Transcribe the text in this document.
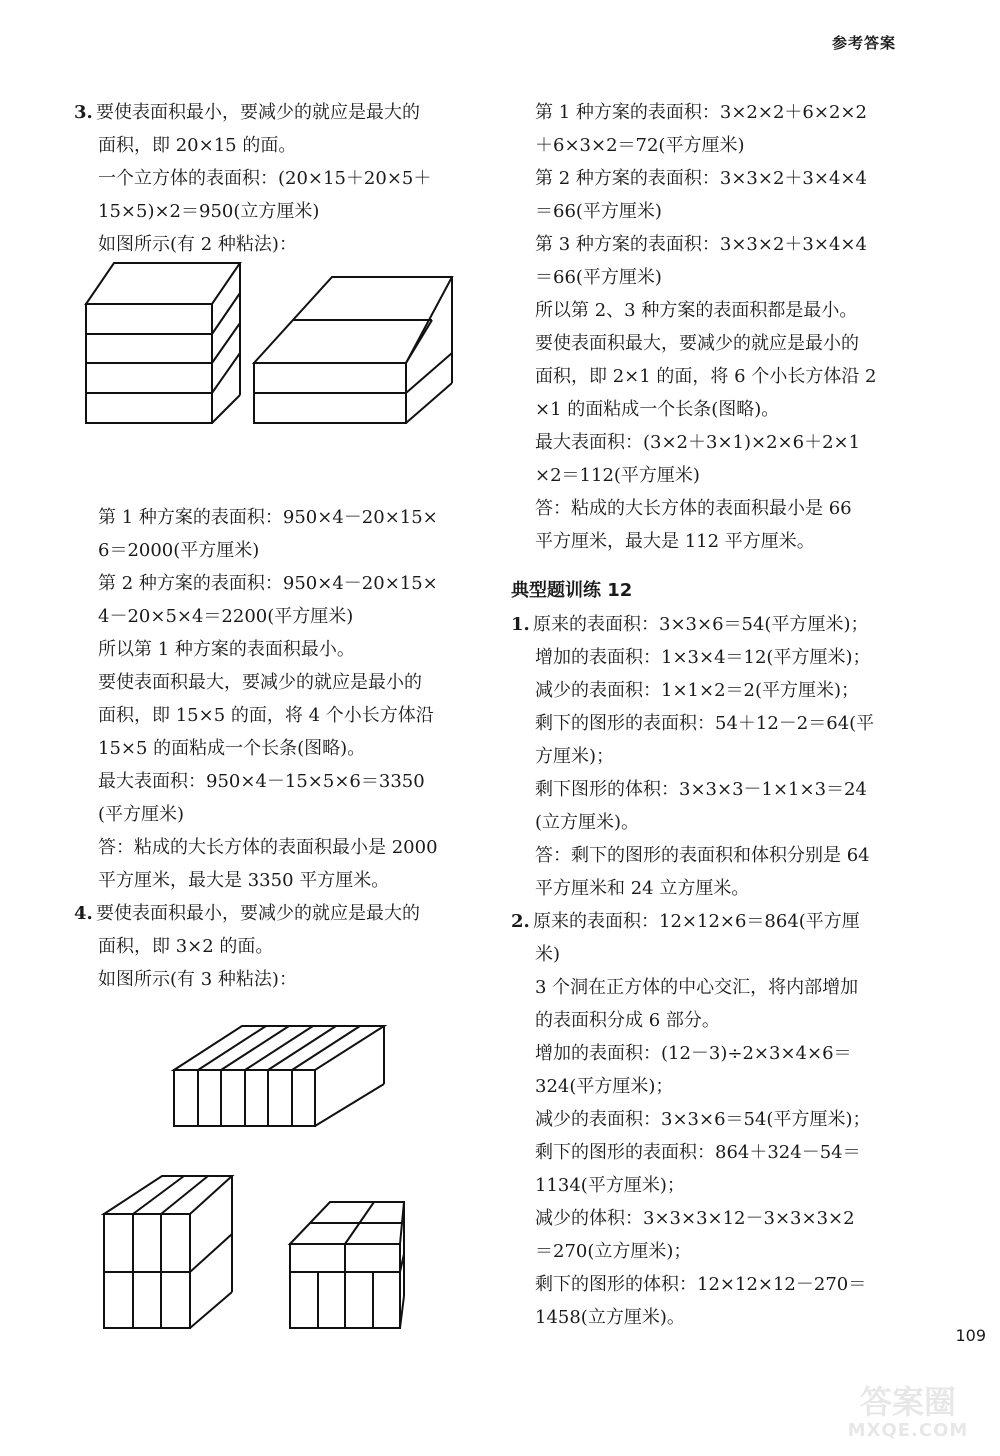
参考答案
3. 要使表面积最小，要减少的就应是最大的
面积，即 20×15 的面。
一个立方体的表面积：(20×15＋20×5＋
15×5)×2＝950(立方厘米)
如图所示(有 2 种粘法)：
第 1 种方案的表面积：950×4－20×15×
6＝2000(平方厘米)
第 2 种方案的表面积：950×4－20×15×
4－20×5×4＝2200(平方厘米)
所以第 1 种方案的表面积最小。
要使表面积最大，要减少的就应是最小的
面积，即 15×5 的面，将 4 个小长方体沿
15×5 的面粘成一个长条(图略)。
最大表面积：950×4－15×5×6＝3350
(平方厘米)
答：粘成的大长方体的表面积最小是 2000
平方厘米，最大是 3350 平方厘米。
4. 要使表面积最小，要减少的就应是最大的
面积，即 3×2 的面。
如图所示(有 3 种粘法)：
第 1 种方案的表面积：3×2×2＋6×2×2
＋6×3×2＝72(平方厘米)
第 2 种方案的表面积：3×3×2＋3×4×4
＝66(平方厘米)
第 3 种方案的表面积：3×3×2＋3×4×4
＝66(平方厘米)
所以第 2、3 种方案的表面积都是最小。
要使表面积最大，要减少的就应是最小的
面积，即 2×1 的面，将 6 个小长方体沿 2
×1 的面粘成一个长条(图略)。
最大表面积：(3×2＋3×1)×2×6＋2×1
×2＝112(平方厘米)
答：粘成的大长方体的表面积最小是 66
平方厘米，最大是 112 平方厘米。
典型题训练 12
1. 原来的表面积：3×3×6＝54(平方厘米)；
增加的表面积：1×3×4＝12(平方厘米)；
减少的表面积：1×1×2＝2(平方厘米)；
剩下的图形的表面积：54＋12－2＝64(平
方厘米)；
剩下图形的体积：3×3×3－1×1×3＝24
(立方厘米)。
答：剩下的图形的表面积和体积分别是 64
平方厘米和 24 立方厘米。
2. 原来的表面积：12×12×6＝864(平方厘
米)
3 个洞在正方体的中心交汇，将内部增加
的表面积分成 6 部分。
增加的表面积：(12－3)÷2×3×4×6＝
324(平方厘米)；
减少的表面积：3×3×6＝54(平方厘米)；
剩下的图形的表面积：864＋324－54＝
1134(平方厘米)；
减少的体积：3×3×3×12－3×3×3×2
＝270(立方厘米)；
剩下的图形的体积：12×12×12－270＝
1458(立方厘米)。
109
答案圈
MXQE.COM
